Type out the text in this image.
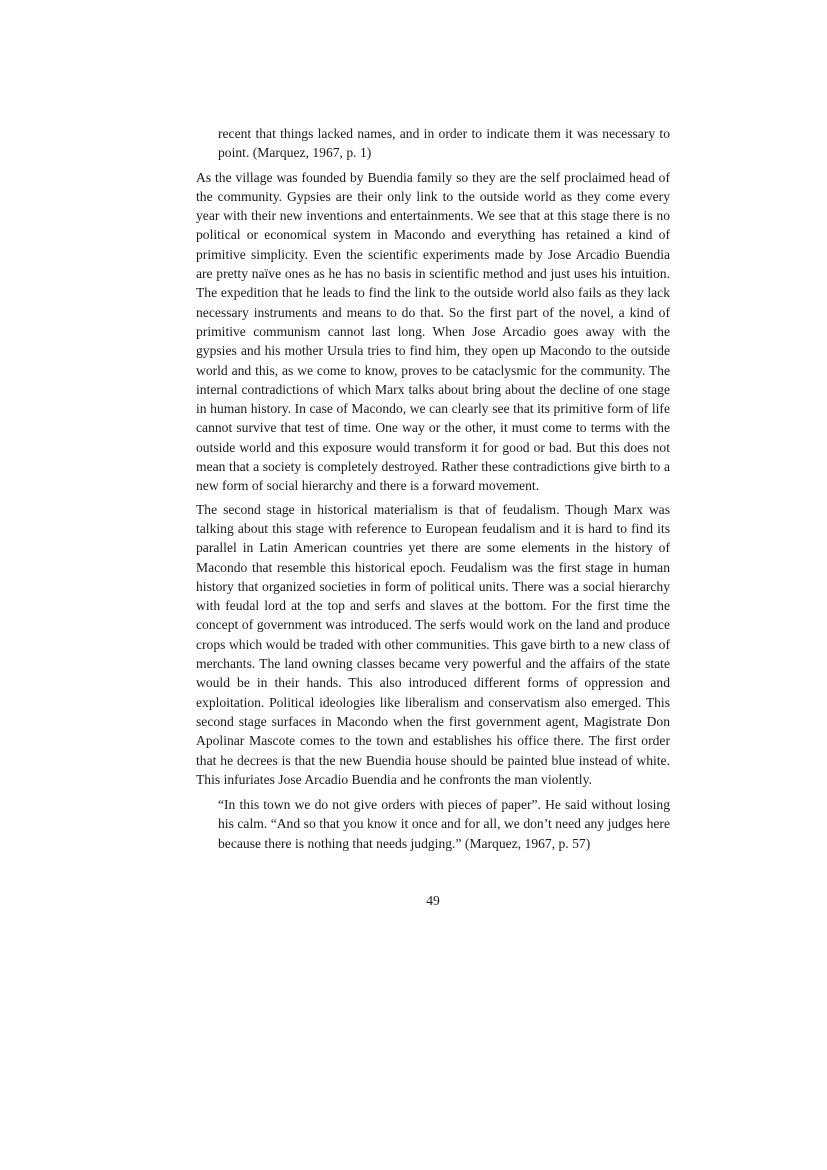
recent that things lacked names, and in order to indicate them it was necessary to point. (Marquez, 1967, p. 1)

As the village was founded by Buendia family so they are the self proclaimed head of the community. Gypsies are their only link to the outside world as they come every year with their new inventions and entertainments. We see that at this stage there is no political or economical system in Macondo and everything has retained a kind of primitive simplicity. Even the scientific experiments made by Jose Arcadio Buendia are pretty naïve ones as he has no basis in scientific method and just uses his intuition. The expedition that he leads to find the link to the outside world also fails as they lack necessary instruments and means to do that. So the first part of the novel, a kind of primitive communism cannot last long. When Jose Arcadio goes away with the gypsies and his mother Ursula tries to find him, they open up Macondo to the outside world and this, as we come to know, proves to be cataclysmic for the community. The internal contradictions of which Marx talks about bring about the decline of one stage in human history. In case of Macondo, we can clearly see that its primitive form of life cannot survive that test of time. One way or the other, it must come to terms with the outside world and this exposure would transform it for good or bad. But this does not mean that a society is completely destroyed. Rather these contradictions give birth to a new form of social hierarchy and there is a forward movement.

The second stage in historical materialism is that of feudalism. Though Marx was talking about this stage with reference to European feudalism and it is hard to find its parallel in Latin American countries yet there are some elements in the history of Macondo that resemble this historical epoch. Feudalism was the first stage in human history that organized societies in form of political units. There was a social hierarchy with feudal lord at the top and serfs and slaves at the bottom. For the first time the concept of government was introduced. The serfs would work on the land and produce crops which would be traded with other communities. This gave birth to a new class of merchants. The land owning classes became very powerful and the affairs of the state would be in their hands. This also introduced different forms of oppression and exploitation. Political ideologies like liberalism and conservatism also emerged. This second stage surfaces in Macondo when the first government agent, Magistrate Don Apolinar Mascote comes to the town and establishes his office there. The first order that he decrees is that the new Buendia house should be painted blue instead of white. This infuriates Jose Arcadio Buendia and he confronts the man violently.

“In this town we do not give orders with pieces of paper”. He said without losing his calm. “And so that you know it once and for all, we don’t need any judges here because there is nothing that needs judging.” (Marquez, 1967, p. 57)

49
